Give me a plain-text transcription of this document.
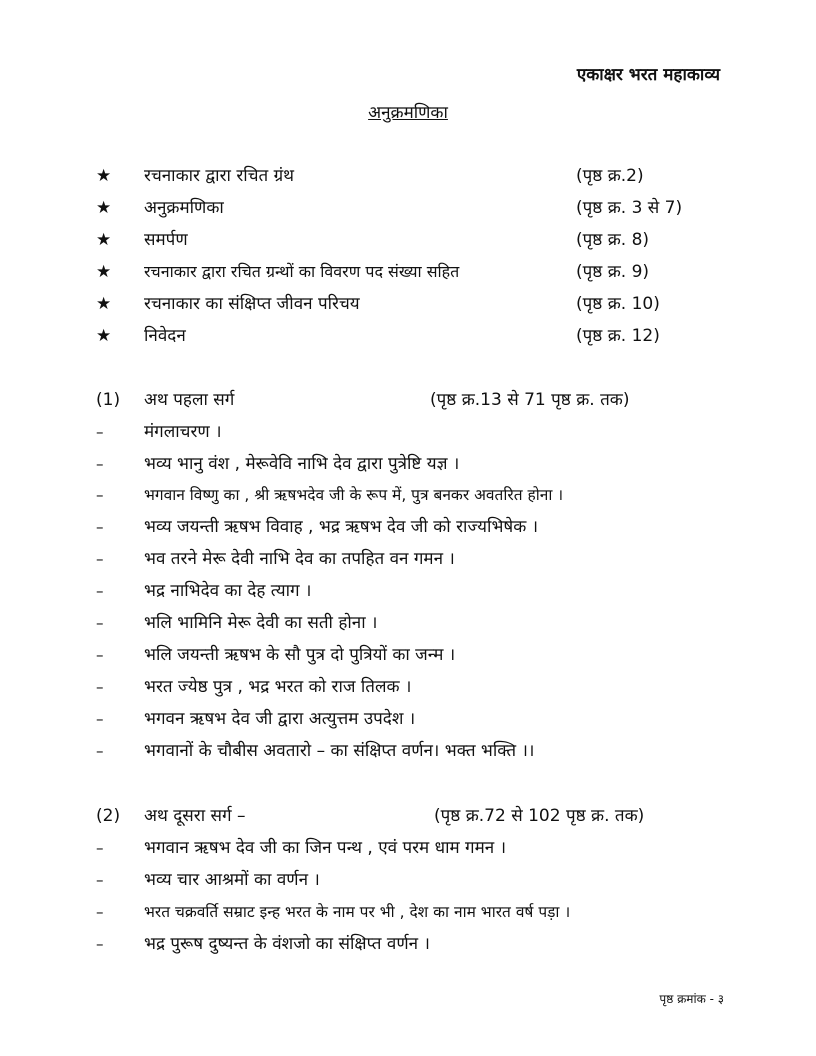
एकाक्षर भरत महाकाव्य
अनुक्रमणिका
★	रचनाकार द्वारा रचित ग्रंथ	(पृष्ठ क्र.2)
★	अनुक्रमणिका	(पृष्ठ क्र. 3 से 7)
★	समर्पण	(पृष्ठ क्र. 8)
★	रचनाकार द्वारा रचित ग्रन्थों का विवरण पद संख्या सहित	(पृष्ठ क्र. 9)
★	रचनाकार का संक्षिप्त जीवन परिचय	(पृष्ठ क्र. 10)
★	निवेदन	(पृष्ठ क्र. 12)
(1)	अथ पहला सर्ग	(पृष्ठ क्र.13 से 71 पृष्ठ क्र. तक)
–	मंगलाचरण ।
–	भव्य भानु वंश , मेरूवेवि नाभि देव द्वारा पुत्रेष्टि यज्ञ ।
–	भगवान विष्णु का , श्री ऋषभदेव जी के रूप में, पुत्र बनकर अवतरित होना ।
–	भव्य जयन्ती ऋषभ विवाह , भद्र ऋषभ देव जी को राज्यभिषेक ।
–	भव तरने मेरू देवी नाभि देव का तपहित वन गमन ।
–	भद्र नाभिदेव का देह त्याग ।
–	भलि भामिनि मेरू देवी का सती होना ।
–	भलि जयन्ती ऋषभ के सौ पुत्र दो पुत्रियों का जन्म ।
–	भरत ज्येष्ठ पुत्र , भद्र भरत को राज तिलक ।
–	भगवन ऋषभ देव जी द्वारा अत्युत्तम उपदेश ।
–	भगवानों के चौबीस अवतारो – का संक्षिप्त वर्णन। भक्त भक्ति ।।
(2)	अथ दूसरा सर्ग –	(पृष्ठ क्र.72 से 102 पृष्ठ क्र. तक)
–	भगवान ऋषभ देव जी का जिन पन्थ , एवं परम धाम गमन ।
–	भव्य चार आश्रमों का वर्णन ।
–	भरत चक्रवर्ति सम्राट इन्ह भरत के नाम पर भी , देश का नाम भारत वर्ष पड़ा ।
–	भद्र पुरूष दुष्यन्त के वंशजो का संक्षिप्त वर्णन ।
पृष्ठ क्रमांक - ३
